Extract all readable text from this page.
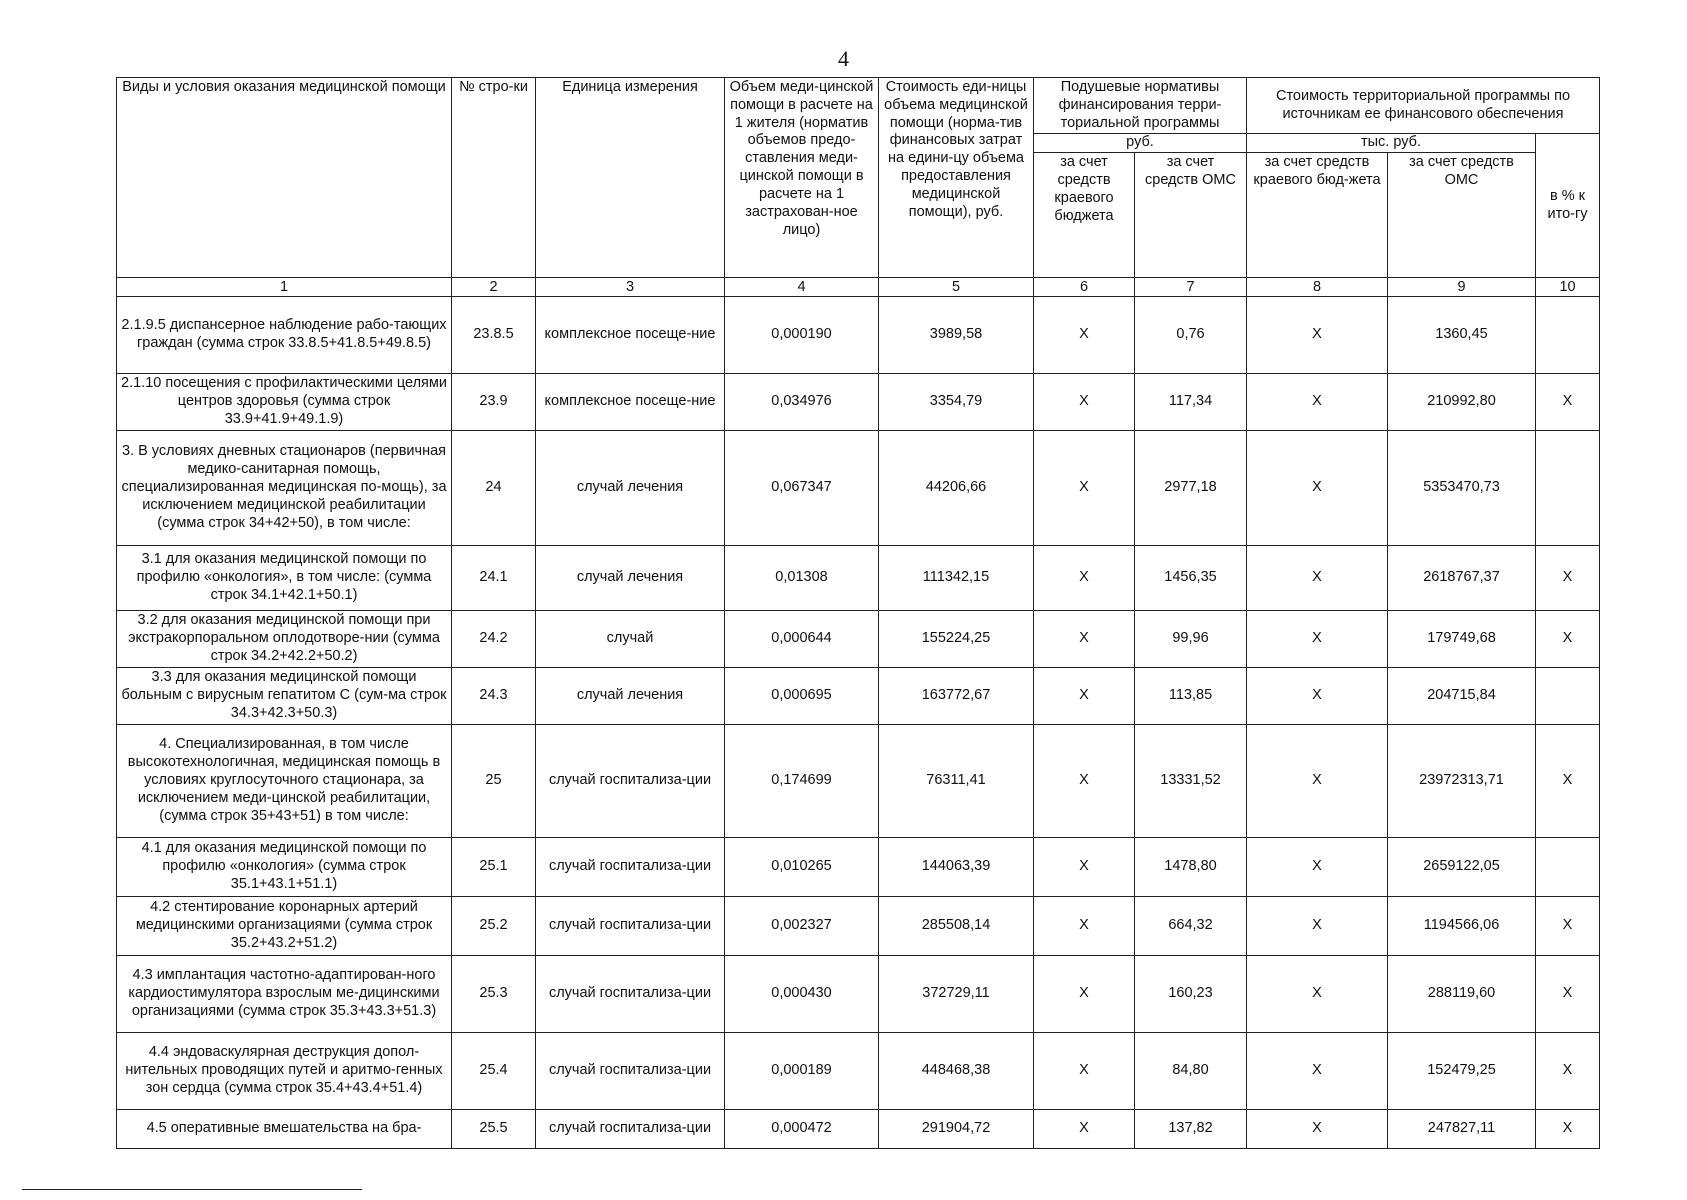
4
Виды и условия оказания медицинской помощи	№ стро-ки	Единица измерения	Объем меди-цинской помощи в расчете на 1 жителя (норматив объемов предо-ставления меди-цинской помощи в расчете на 1 застрахован-ное лицо)	Стоимость еди-ницы объема медицинской помощи (норма-тив финансовых затрат на едини-цу объема предоставления медицинской помощи), руб.	Подушевые нормативы финансирования терри-ториальной программы		Стоимость территориальной программы по источникам ее финансового обеспечения		

					руб.		тыс. руб.		в % к ито-гу

					за счет средств краевого бюджета	за счет средств ОМС	за счет средств краевого бюд-жета	за счет средств ОМС	
1	2	3	4	5	6	7	8	9	10
2.1.9.5 диспансерное наблюдение рабо-тающих граждан (сумма строк 33.8.5+41.8.5+49.8.5)	23.8.5	комплексное посеще-ние	0,000190	3989,58	X	0,76	X	1360,45	
2.1.10 посещения с профилактическими целями центров здоровья (сумма строк 33.9+41.9+49.1.9)	23.9	комплексное посеще-ние	0,034976	3354,79	X	117,34	X	210992,80	X
3. В условиях дневных стационаров (первичная медико-санитарная помощь, специализированная медицинская по-мощь), за исключением медицинской реабилитации (сумма строк 34+42+50), в том числе:	24	случай лечения	0,067347	44206,66	X	2977,18	X	5353470,73	
3.1 для оказания медицинской помощи по профилю «онкология», в том числе: (сумма строк 34.1+42.1+50.1)	24.1	случай лечения	0,01308	111342,15	X	1456,35	X	2618767,37	X
3.2 для оказания медицинской помощи при экстракорпоральном оплодотворе-нии (сумма строк 34.2+42.2+50.2)	24.2	случай	0,000644	155224,25	X	99,96	X	179749,68	X
3.3 для оказания медицинской помощи больным с вирусным гепатитом С (сум-ма строк 34.3+42.3+50.3)	24.3	случай лечения	0,000695	163772,67	X	113,85	X	204715,84	
4. Специализированная, в том числе высокотехнологичная, медицинская помощь в условиях круглосуточного стационара, за исключением меди-цинской реабилитации, (сумма строк 35+43+51) в том числе:	25	случай госпитализа-ции	0,174699	76311,41	X	13331,52	X	23972313,71	X
4.1 для оказания медицинской помощи по профилю «онкология» (сумма строк 35.1+43.1+51.1)	25.1	случай госпитализа-ции	0,010265	144063,39	X	1478,80	X	2659122,05	
4.2 стентирование коронарных артерий медицинскими организациями (сумма строк 35.2+43.2+51.2)	25.2	случай госпитализа-ции	0,002327	285508,14	X	664,32	X	1194566,06	X
4.3 имплантация частотно-адаптирован-ного кардиостимулятора взрослым ме-дицинскими организациями (сумма строк 35.3+43.3+51.3)	25.3	случай госпитализа-ции	0,000430	372729,11	X	160,23	X	288119,60	X
4.4 эндоваскулярная деструкция допол-нительных проводящих путей и аритмо-генных зон сердца (сумма строк 35.4+43.4+51.4)	25.4	случай госпитализа-ции	0,000189	448468,38	X	84,80	X	152479,25	X
4.5 оперативные вмешательства на бра-	25.5	случай госпитализа-ции	0,000472	291904,72	X	137,82	X	247827,11	X
